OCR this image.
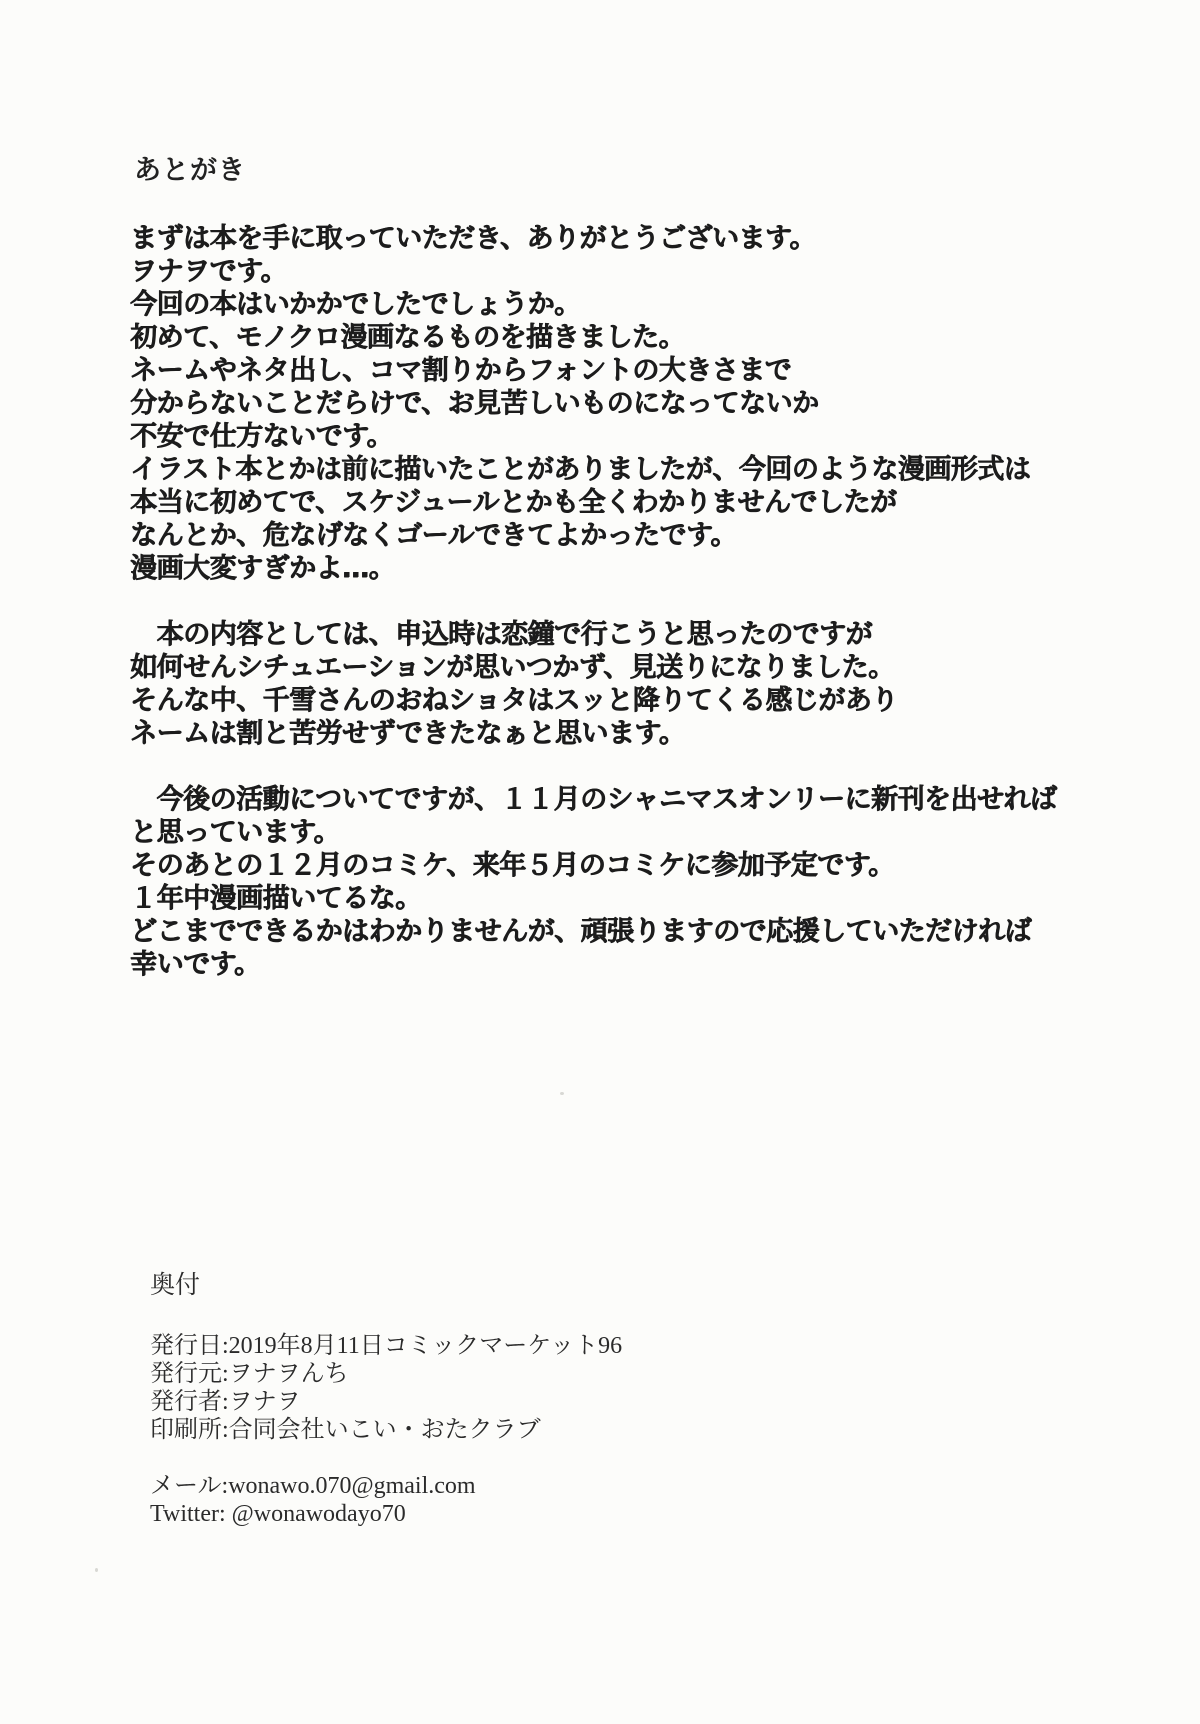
あとがき
まずは本を手に取っていただき、ありがとうございます。
ヲナヲです。
今回の本はいかかでしたでしょうか。
初めて、モノクロ漫画なるものを描きました。
ネームやネタ出し、コマ割りからフォントの大きさまで
分からないことだらけで、お見苦しいものになってないか
不安で仕方ないです。
イラスト本とかは前に描いたことがありましたが、今回のような漫画形式は
本当に初めてで、スケジュールとかも全くわかりませんでしたが
なんとか、危なげなくゴールできてよかったです。
漫画大変すぎかよ…。
　本の内容としては、申込時は恋鐘で行こうと思ったのですが
如何せんシチュエーションが思いつかず、見送りになりました。
そんな中、千雪さんのおねショタはスッと降りてくる感じがあり
ネームは割と苦労せずできたなぁと思います。
　今後の活動についてですが、１１月のシャニマスオンリーに新刊を出せれば
と思っています。
そのあとの１２月のコミケ、来年５月のコミケに参加予定です。
１年中漫画描いてるな。
どこまでできるかはわかりませんが、頑張りますので応援していただければ
幸いです。
奥付
発行日:2019年8月11日コミックマーケット96
発行元:ヲナヲんち
発行者:ヲナヲ
印刷所:合同会社いこい・おたクラブ
メール:wonawo.070@gmail.com
Twitter: @wonawodayo70
